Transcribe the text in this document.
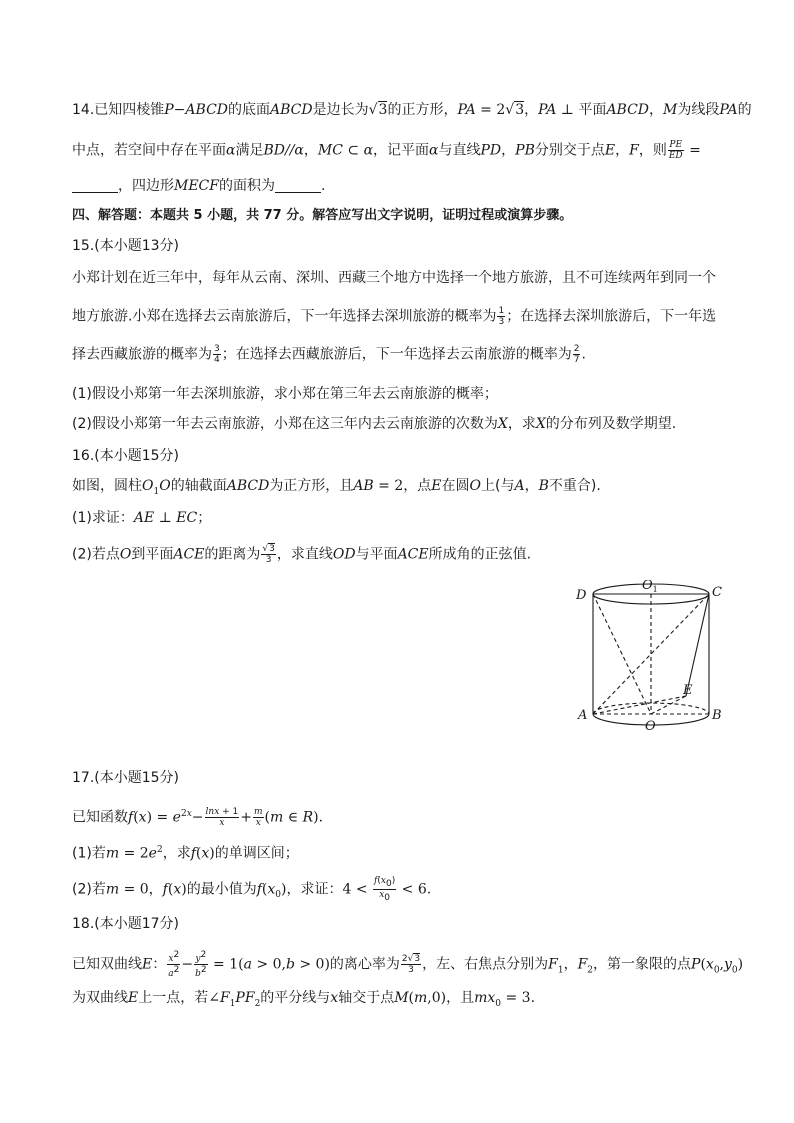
14.已知四棱锥P−ABCD的底面ABCD是边长为√3的正方形，PA = 2√3，PA ⊥ 平面ABCD，M为线段PA的
中点，若空间中存在平面α满足BD//α，MC ⊂ α，记平面α与直线PD，PB分别交于点E，F，则 $\frac{PE}{ED}$ =
，四边形MECF的面积为	.
四、解答题：本题共 5 小题，共 77 分。解答应写出文字说明，证明过程或演算步骤。
15.(本小题13分)
小郑计划在近三年中，每年从云南、深圳、西藏三个地方中选择一个地方旅游，且不可连续两年到同一个
地方旅游.小郑在选择去云南旅游后，下一年选择去深圳旅游的概率为 $\frac{1}{3}$ ；在选择去深圳旅游后，下一年选
择去西藏旅游的概率为 $\frac{3}{4}$ ；在选择去西藏旅游后，下一年选择去云南旅游的概率为 $\frac{2}{7}$ .
(1)假设小郑第一年去深圳旅游，求小郑在第三年去云南旅游的概率；
(2)假设小郑第一年去云南旅游，小郑在这三年内去云南旅游的次数为X，求X的分布列及数学期望.
16.(本小题15分)
如图，圆柱$O_1O$的轴截面ABCD为正方形，且AB = 2，点E在圆O上(与A，B不重合).
(1)求证：AE ⊥ EC；
(2)若点O到平面ACE的距离为 $\frac{√3}{3}$ ，求直线OD与平面ACE所成角的正弦值.
D
$O_1$	C
A
O
B
E
17.(本小题15分)
已知函数$f(x) = e^{2x}- \frac{\ln x + 1}{x} + \frac{m}{x} (m$ ∈ R).
(1)若$m = 2e^2$，求f(x)的单调区间；
(2)若m = 0，f(x)的最小值为$f(x_0)$，求证：$4 < \frac{f(x_0)}{x_0} < 6$.
18.(本小题17分)
已知双曲线E： $\frac{x^2}{a^2} - \frac{y^2}{b^2} = 1(a > 0,b > 0)$的离心率为 $\frac{2√3}{3}$ ，左、右焦点分别为$F_1$，$F_2$，第一象限的点$P(x_0,y_0)$
为双曲线E上一点，若$\angle F_1PF_2$的平分线与x轴交于点M(m,0)，且$mx_0 = 3$.
